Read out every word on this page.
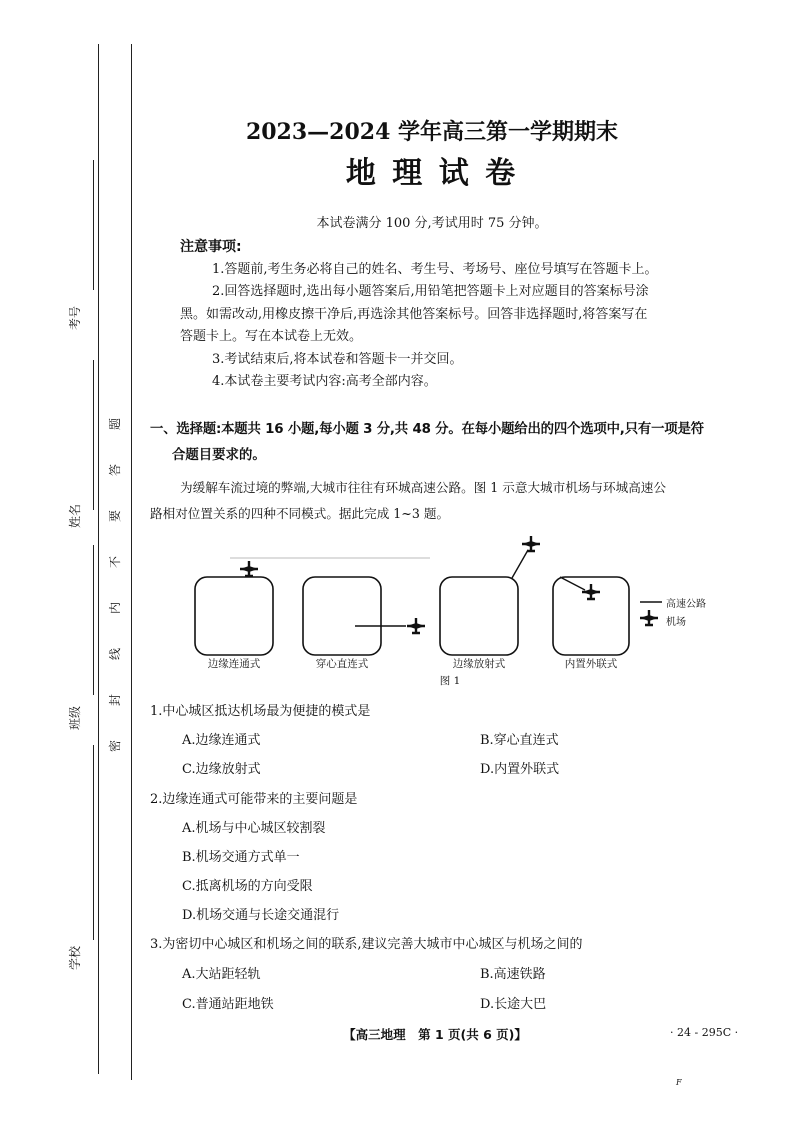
考号
姓名
班级
学校
题
答
要
不
内
线
封
密
2023—2024 学年高三第一学期期末
地 理 试 卷
本试卷满分 100 分,考试用时 75 分钟。

注意事项:

1.答题前,考生务必将自己的姓名、考生号、考场号、座位号填写在答题卡上。

2.回答选择题时,选出每小题答案后,用铅笔把答题卡上对应题目的答案标号涂

黑。如需改动,用橡皮擦干净后,再选涂其他答案标号。回答非选择题时,将答案写在

答题卡上。写在本试卷上无效。

3.考试结束后,将本试卷和答题卡一并交回。

4.本试卷主要考试内容:高考全部内容。

一、选择题:本题共 16 小题,每小题 3 分,共 48 分。在每小题给出的四个选项中,只有一项是符
合题目要求的。
为缓解车流过境的弊端,大城市往往有环城高速公路。图 1 示意大城市机场与环城高速公
路相对位置关系的四种不同模式。据此完成 1~3 题。
高速公路
机场
边缘连通式	穿心直连式	边缘放射式	内置外联式
图 1
1.中心城区抵达机场最为便捷的模式是
A.边缘连通式	B.穿心直连式
C.边缘放射式	D.内置外联式
2.边缘连通式可能带来的主要问题是
A.机场与中心城区较割裂
B.机场交通方式单一
C.抵离机场的方向受限
D.机场交通与长途交通混行
3.为密切中心城区和机场之间的联系,建议完善大城市中心城区与机场之间的
A.大站距轻轨	B.高速铁路
C.普通站距地铁	D.长途大巴
【高三地理　第 1 页(共 6 页)】	· 24 - 295C ·
F
